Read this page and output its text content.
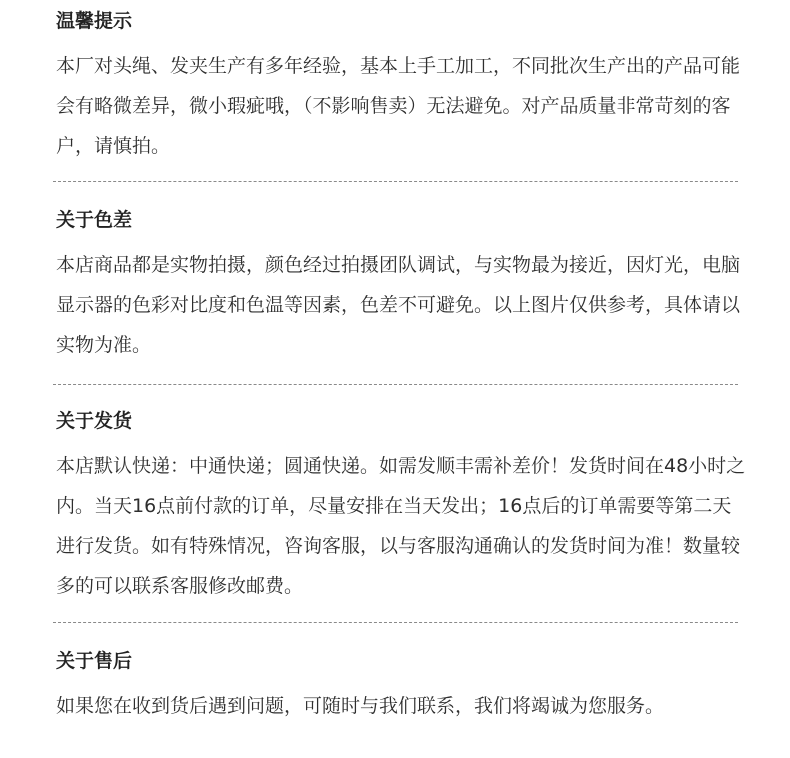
温馨提示

本厂对头绳、发夹生产有多年经验，基本上手工加工，不同批次生产出的产品可能会有略微差异，微小瑕疵哦，（不影响售卖）无法避免。对产品质量非常苛刻的客户，请慎拍。

关于色差

本店商品都是实物拍摄，颜色经过拍摄团队调试，与实物最为接近，因灯光，电脑显示器的色彩对比度和色温等因素，色差不可避免。以上图片仅供参考，具体请以实物为准。

关于发货

本店默认快递：中通快递；圆通快递。如需发顺丰需补差价！发货时间在48小时之内。当天16点前付款的订单，尽量安排在当天发出；16点后的订单需要等第二天进行发货。如有特殊情况，咨询客服，以与客服沟通确认的发货时间为准！数量较多的可以联系客服修改邮费。

关于售后

如果您在收到货后遇到问题，可随时与我们联系，我们将竭诚为您服务。
